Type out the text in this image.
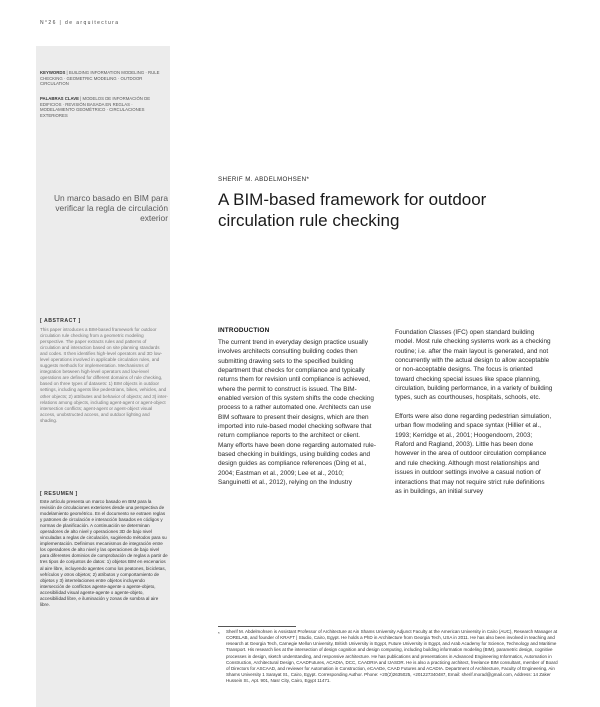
N°26 | de arquitectura
KEYWORDS | BUILDING INFORMATION MODELING · RULE CHECKING · GEOMETRIC MODELING · OUTDOOR CIRCULATION
PALABRAS CLAVE | MODELOS DE INFORMACIÓN DE EDIFICIOS · REVISIÓN BASADA EN REGLAS · MODELAMIENTO GEOMÉTRICO · CIRCULACIONES EXTERIORES
Un marco basado en BIM para verificar la regla de circulación exterior
[ ABSTRACT ]
This paper introduces a BIM-based framework for outdoor circulation rule checking from a geometric modeling perspective. The paper extracts rules and patterns of circulation and interaction based on site planning standards and codes. It then identifies high-level operators and 3D low-level operations involved in applicable circulation rules, and suggests methods for implementation. Mechanisms of integration between high-level operators and low-level operations are defined for different domains of rule checking, based on three types of datasets: 1) BIM objects in outdoor settings, including agents like pedestrians, bikes, vehicles, and other objects; 2) attributes and behavior of objects; and 3) inter-relations among objects, including agent-agent or agent-object intersection conflicts; agent-agent or agent-object visual access, unobstructed access, and outdoor lighting and shading.
[ RESUMEN ]
Este artículo presenta un marco basado en BIM para la revisión de circulaciones exteriores desde una perspectiva de modelamiento geométrico. En el documento se extraen reglas y patrones de circulación e interacción basados en códigos y normas de planificación. A continuación se determinan operadores de alto nivel y operaciones 3D de bajo nivel vinculadas a reglas de circulación, sugiriendo métodos para su implementación. Definimos mecanismos de integración entre los operadores de alto nivel y las operaciones de bajo nivel para diferentes dominios de comprobación de reglas a partir de tres tipos de conjuntos de datos: 1) objetos BIM en escenarios al aire libre, incluyendo agentes como los peatones, bicicletas, vehículos y otros objetos; 2) atributos y comportamiento de objetos y 3) interrelaciones entre objetos incluyendo intersección de conflictos agente-agente o agente-objeto, accesibilidad visual agente-agente o agente-objeto, accesibilidad libre, e iluminación y zonas de sombra al aire libre.
SHERIF M. ABDELMOHSEN*
A BIM-based framework for outdoor circulation rule checking
INTRODUCTION

The current trend in everyday design practice usually involves architects consulting building codes then submitting drawing sets to the specified building department that checks for compliance and typically returns them for revision until compliance is achieved, where the permit to construct is issued. The BIM-enabled version of this system shifts the code checking process to a rather automated one. Architects can use BIM software to present their designs, which are then imported into rule-based model checking software that return compliance reports to the architect or client. Many efforts have been done regarding automated rule-based checking in buildings, using building codes and design guides as compliance references (Ding et al., 2004; Eastman et al., 2009; Lee et al., 2010; Sanguinetti et al., 2012), relying on the Industry

Foundation Classes (IFC) open standard building model. Most rule checking systems work as a checking routine; i.e. after the main layout is generated, and not concurrently with the actual design to allow acceptable or non-acceptable designs. The focus is oriented toward checking special issues like space planning, circulation, building performance, in a variety of building types, such as courthouses, hospitals, schools, etc.

Efforts were also done regarding pedestrian simulation, urban flow modeling and space syntax (Hillier et al., 1993; Kerridge et al., 2001; Hoogendoorn, 2003; Raford and Ragland, 2003). Little has been done however in the area of outdoor circulation compliance and rule checking. Although most relationships and issues in outdoor settings involve a casual notion of interactions that may not require strict rule definitions as in buildings, an initial survey

* Sherif M. Abdelmohsen is Assistant Professor of Architecture at Ain Shams University Adjunct Faculty at the American University in Cairo (AUC), Research Manager at CORELAB, and founder of KRAFT | Studio, Cairo, Egypt. He holds a PhD in Architecture from Georgia Tech, USA in 2011. He has also been involved in teaching and research at Georgia Tech, Carnegie Mellon University, British University in Egypt, Future University in Egypt, and Arab Academy for Science, Technology and Maritime Transport. His research lies at the intersection of design cognition and design computing, including building information modeling (BIM), parametric design, cognitive processes in design, sketch understanding, and responsive architecture. He has publications and presentations in Advanced Engineering Informatics, Automation in Construction, Architectural Design, CAADFutures, ACADIA, DCC, CAADRIA and IJASDR. He is also a practicing architect, freelance BIM consultant, member of Board of Directors for ASCAAD, and reviewer for Automation in Construction, eCAADe, CAAD Futures and ACADIA. Department of Architecture, Faculty of Engineering, Ain Shams University 1 Sarayat St., Cairo, Egypt. Corresponding Author. Phone: +20(2)2635025, +201227340487, Email: sherif.morad@gmail.com, Address: 14 Zaker Hussein St., Apt. 901, Nasr City, Cairo, Egypt 11471.
